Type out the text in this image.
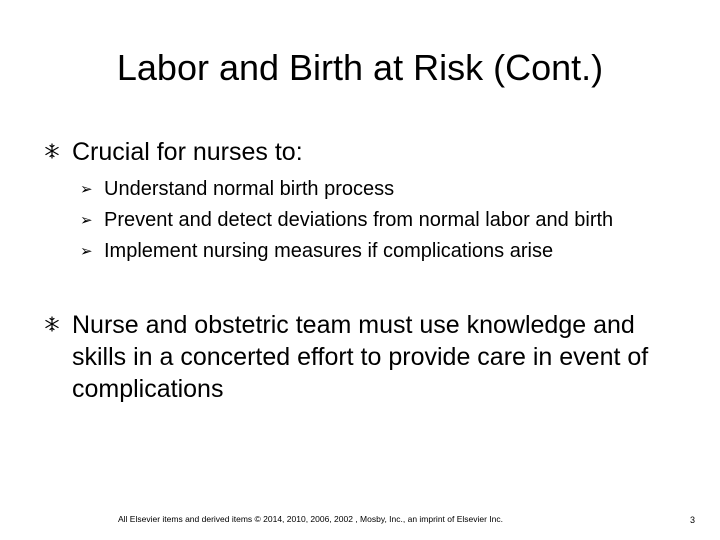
Labor and Birth at Risk (Cont.)
Crucial for nurses to:
➢ Understand normal birth process
➢ Prevent and detect deviations from normal labor and birth
➢ Implement nursing measures if complications arise
Nurse and obstetric team must use knowledge and skills in a concerted effort to provide care in event of complications
All Elsevier items and derived items © 2014, 2010, 2006, 2002 , Mosby, Inc., an imprint of Elsevier Inc.	3
